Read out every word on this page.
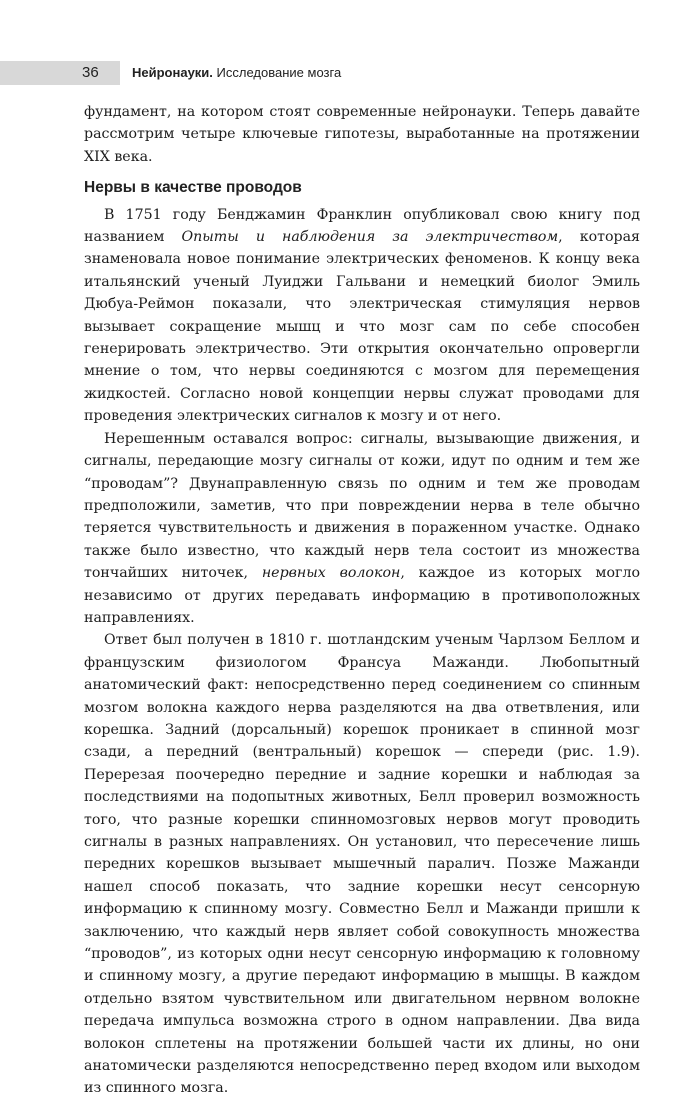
36	Нейронауки. Исследование мозга

фундамент, на котором стоят современные нейронауки. Теперь давайте рассмотрим четыре ключевые гипотезы, выработанные на протяжении XIX века.

Нервы в качестве проводов

В 1751 году Бенджамин Франклин опубликовал свою книгу под названием Опыты и наблюдения за электричеством, которая знаменовала новое понимание электрических феноменов. К концу века итальянский ученый Луиджи Гальвани и немецкий биолог Эмиль Дюбуа-Реймон показали, что электрическая стимуляция нервов вызывает сокращение мышц и что мозг сам по себе способен генерировать электричество. Эти открытия окончательно опровергли мнение о том, что нервы соединяются с мозгом для перемещения жидкостей. Согласно новой концепции нервы служат проводами для проведения электрических сигналов к мозгу и от него.

Нерешенным оставался вопрос: сигналы, вызывающие движения, и сигналы, передающие мозгу сигналы от кожи, идут по одним и тем же “проводам”? Двунаправленную связь по одним и тем же проводам предположили, заметив, что при повреждении нерва в теле обычно теряется чувствительность и движения в пораженном участке. Однако также было известно, что каждый нерв тела состоит из множества тончайших ниточек, нервных волокон, каждое из которых могло независимо от других передавать информацию в противоположных направлениях.

Ответ был получен в 1810 г. шотландским ученым Чарлзом Беллом и французским физиологом Франсуа Мажанди. Любопытный анатомический факт: непосредственно перед соединением со спинным мозгом волокна каждого нерва разделяются на два ответвления, или корешка. Задний (дорсальный) корешок проникает в спинной мозг сзади, а передний (вентральный) корешок — спереди (рис. 1.9). Перерезая поочередно передние и задние корешки и наблюдая за последствиями на подопытных животных, Белл проверил возможность того, что разные корешки спинномозговых нервов могут проводить сигналы в разных направлениях. Он установил, что пересечение лишь передних корешков вызывает мышечный паралич. Позже Мажанди нашел способ показать, что задние корешки несут сенсорную информацию к спинному мозгу. Совместно Белл и Мажанди пришли к заключению, что каждый нерв являет собой совокупность множества “проводов”, из которых одни несут сенсорную информацию к головному и спинному мозгу, а другие передают информацию в мышцы. В каждом отдельно взятом чувствительном или двигательном нервном волокне передача импульса возможна строго в одном направлении. Два вида волокон сплетены на протяжении большей части их длины, но они анатомически разделяются непосредственно перед входом или выходом из спинного мозга.
